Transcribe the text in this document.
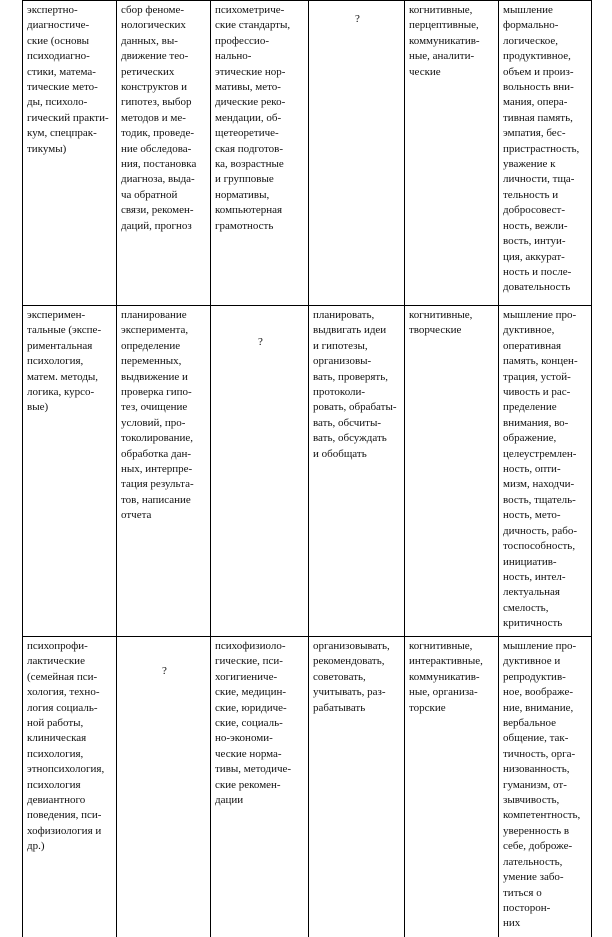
экспертно-
диагностиче-
ские (основы
психодиагно-
стики, матема-
тические мето-
ды, психоло-
гический практи-
кум, спецпрак-
тикумы)
сбор феноме-
нологических
данных, вы-
движение тео-
ретических
конструктов и
гипотез, выбор
методов и ме-
тодик, проведе-
ние обследова-
ния, постановка
диагноза, выда-
ча обратной
связи, рекомен-
даций, прогноз
психометриче-
ские стандарты,
профессио-
нально-
этические нор-
мативы, мето-
дические реко-
мендации, об-
щетеоретиче-
ская подготов-
ка, возрастные
и групповые
нормативы,
компьютерная
грамотность
?
когнитивные,
перцептивные,
коммуникатив-
ные, аналити-
ческие
мышление
формально-
логическое,
продуктивное,
объем и произ-
вольность вни-
мания, опера-
тивная память,
эмпатия, бес-
пристрастность,
уважение к
личности, тща-
тельность и
добросовест-
ность, вежли-
вость, интуи-
ция, аккурат-
ность и после-
довательность
эксперимен-
тальные (экспе-
риментальная
психология,
матем. методы,
логика, курсо-
вые)
планирование
эксперимента,
определение
переменных,
выдвижение и
проверка гипо-
тез, очищение
условий, про-
токолирование,
обработка дан-
ных, интерпре-
тация результа-
тов, написание
отчета
?
планировать,
выдвигать идеи
и гипотезы,
организовы-
вать, проверять,
протоколи-
ровать, обрабаты-
вать, обсчиты-
вать, обсуждать
и обобщать
когнитивные,
творческие
мышление про-
дуктивное,
оперативная
память, концен-
трация, устой-
чивость и рас-
пределение
внимания, во-
ображение,
целеустремлен-
ность, опти-
мизм, находчи-
вость, тщатель-
ность, мето-
дичность, рабо-
тоспособность,
инициатив-
ность, интел-
лектуальная
смелость,
критичность
психопрофи-
лактические
(семейная пси-
хология, техно-
логия социаль-
ной работы,
клиническая
психология,
этнопсихология,
психология
девиантного
поведения, пси-
хофизиология и
др.)
?
психофизиоло-
гические, пси-
хогигиениче-
ские, медицин-
ские, юридиче-
ские, социаль-
но-экономи-
ческие норма-
тивы, методиче-
ские рекомен-
дации
организовывать,
рекомендовать,
советовать,
учитывать, раз-
рабатывать
когнитивные,
интерактивные,
коммуникатив-
ные, организа-
торские
мышление про-
дуктивное и
репродуктив-
ное, воображе-
ние, внимание,
вербальное
общение, так-
тичность, орга-
низованность,
гуманизм, от-
зывчивость,
компетентность,
уверенность в
себе, доброже-
лательность,
умение забо-
титься о посторон-
них
